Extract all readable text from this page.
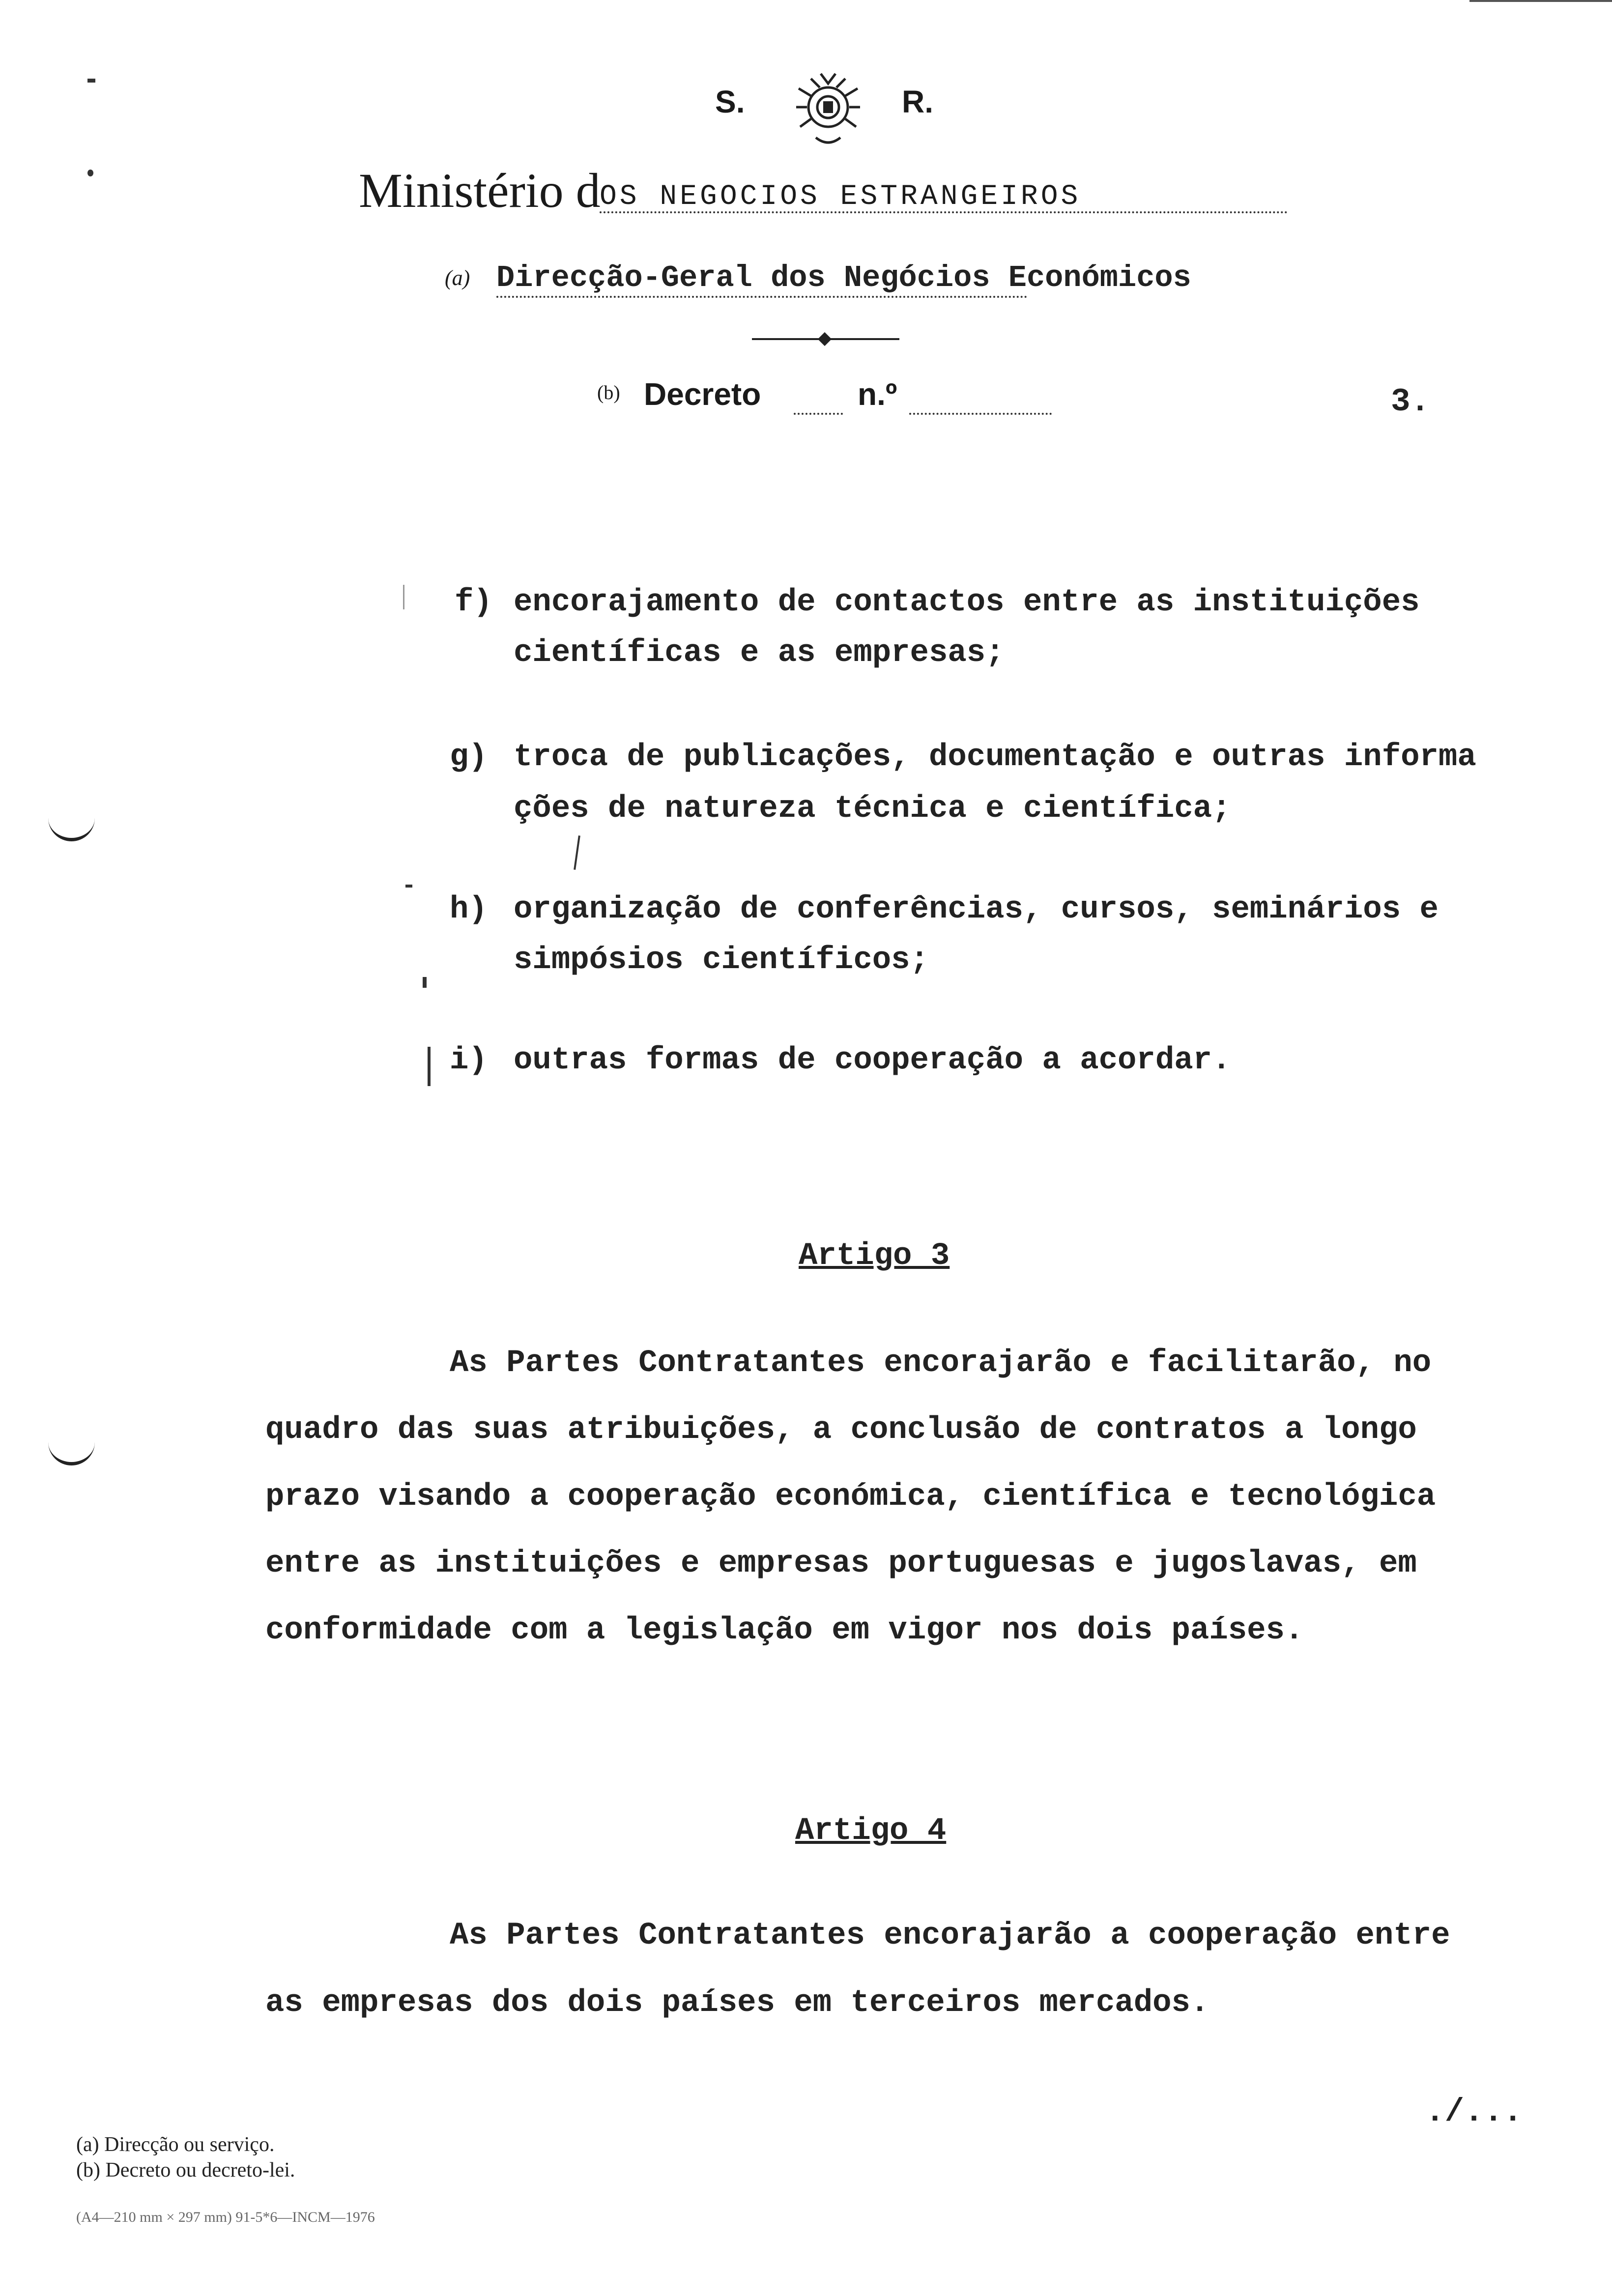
S.	R.
Ministério d
OS NEGOCIOS ESTRANGEIROS
(a) Direcção-Geral dos Negócios Económicos
(b) Decreto	n.º	3.
f) encorajamento de contactos entre as instituições
científicas e as empresas;
g) troca de publicações, documentação e outras informa
ções de natureza técnica e científica;
h) organização de conferências, cursos, seminários e
simpósios científicos;
i) outras formas de cooperação a acordar.
Artigo 3
As Partes Contratantes encorajarão e facilitarão, no
quadro das suas atribuições, a conclusão de contratos a longo
prazo visando a cooperação económica, científica e tecnológica
entre as instituições e empresas portuguesas e jugoslavas, em
conformidade com a legislação em vigor nos dois países.
Artigo 4
As Partes Contratantes encorajarão a cooperação entre
as empresas dos dois países em terceiros mercados.
./...
(a) Direcção ou serviço.
(b) Decreto ou decreto-lei.
(A4—210 mm × 297 mm) 91-5*6—INCM—1976
